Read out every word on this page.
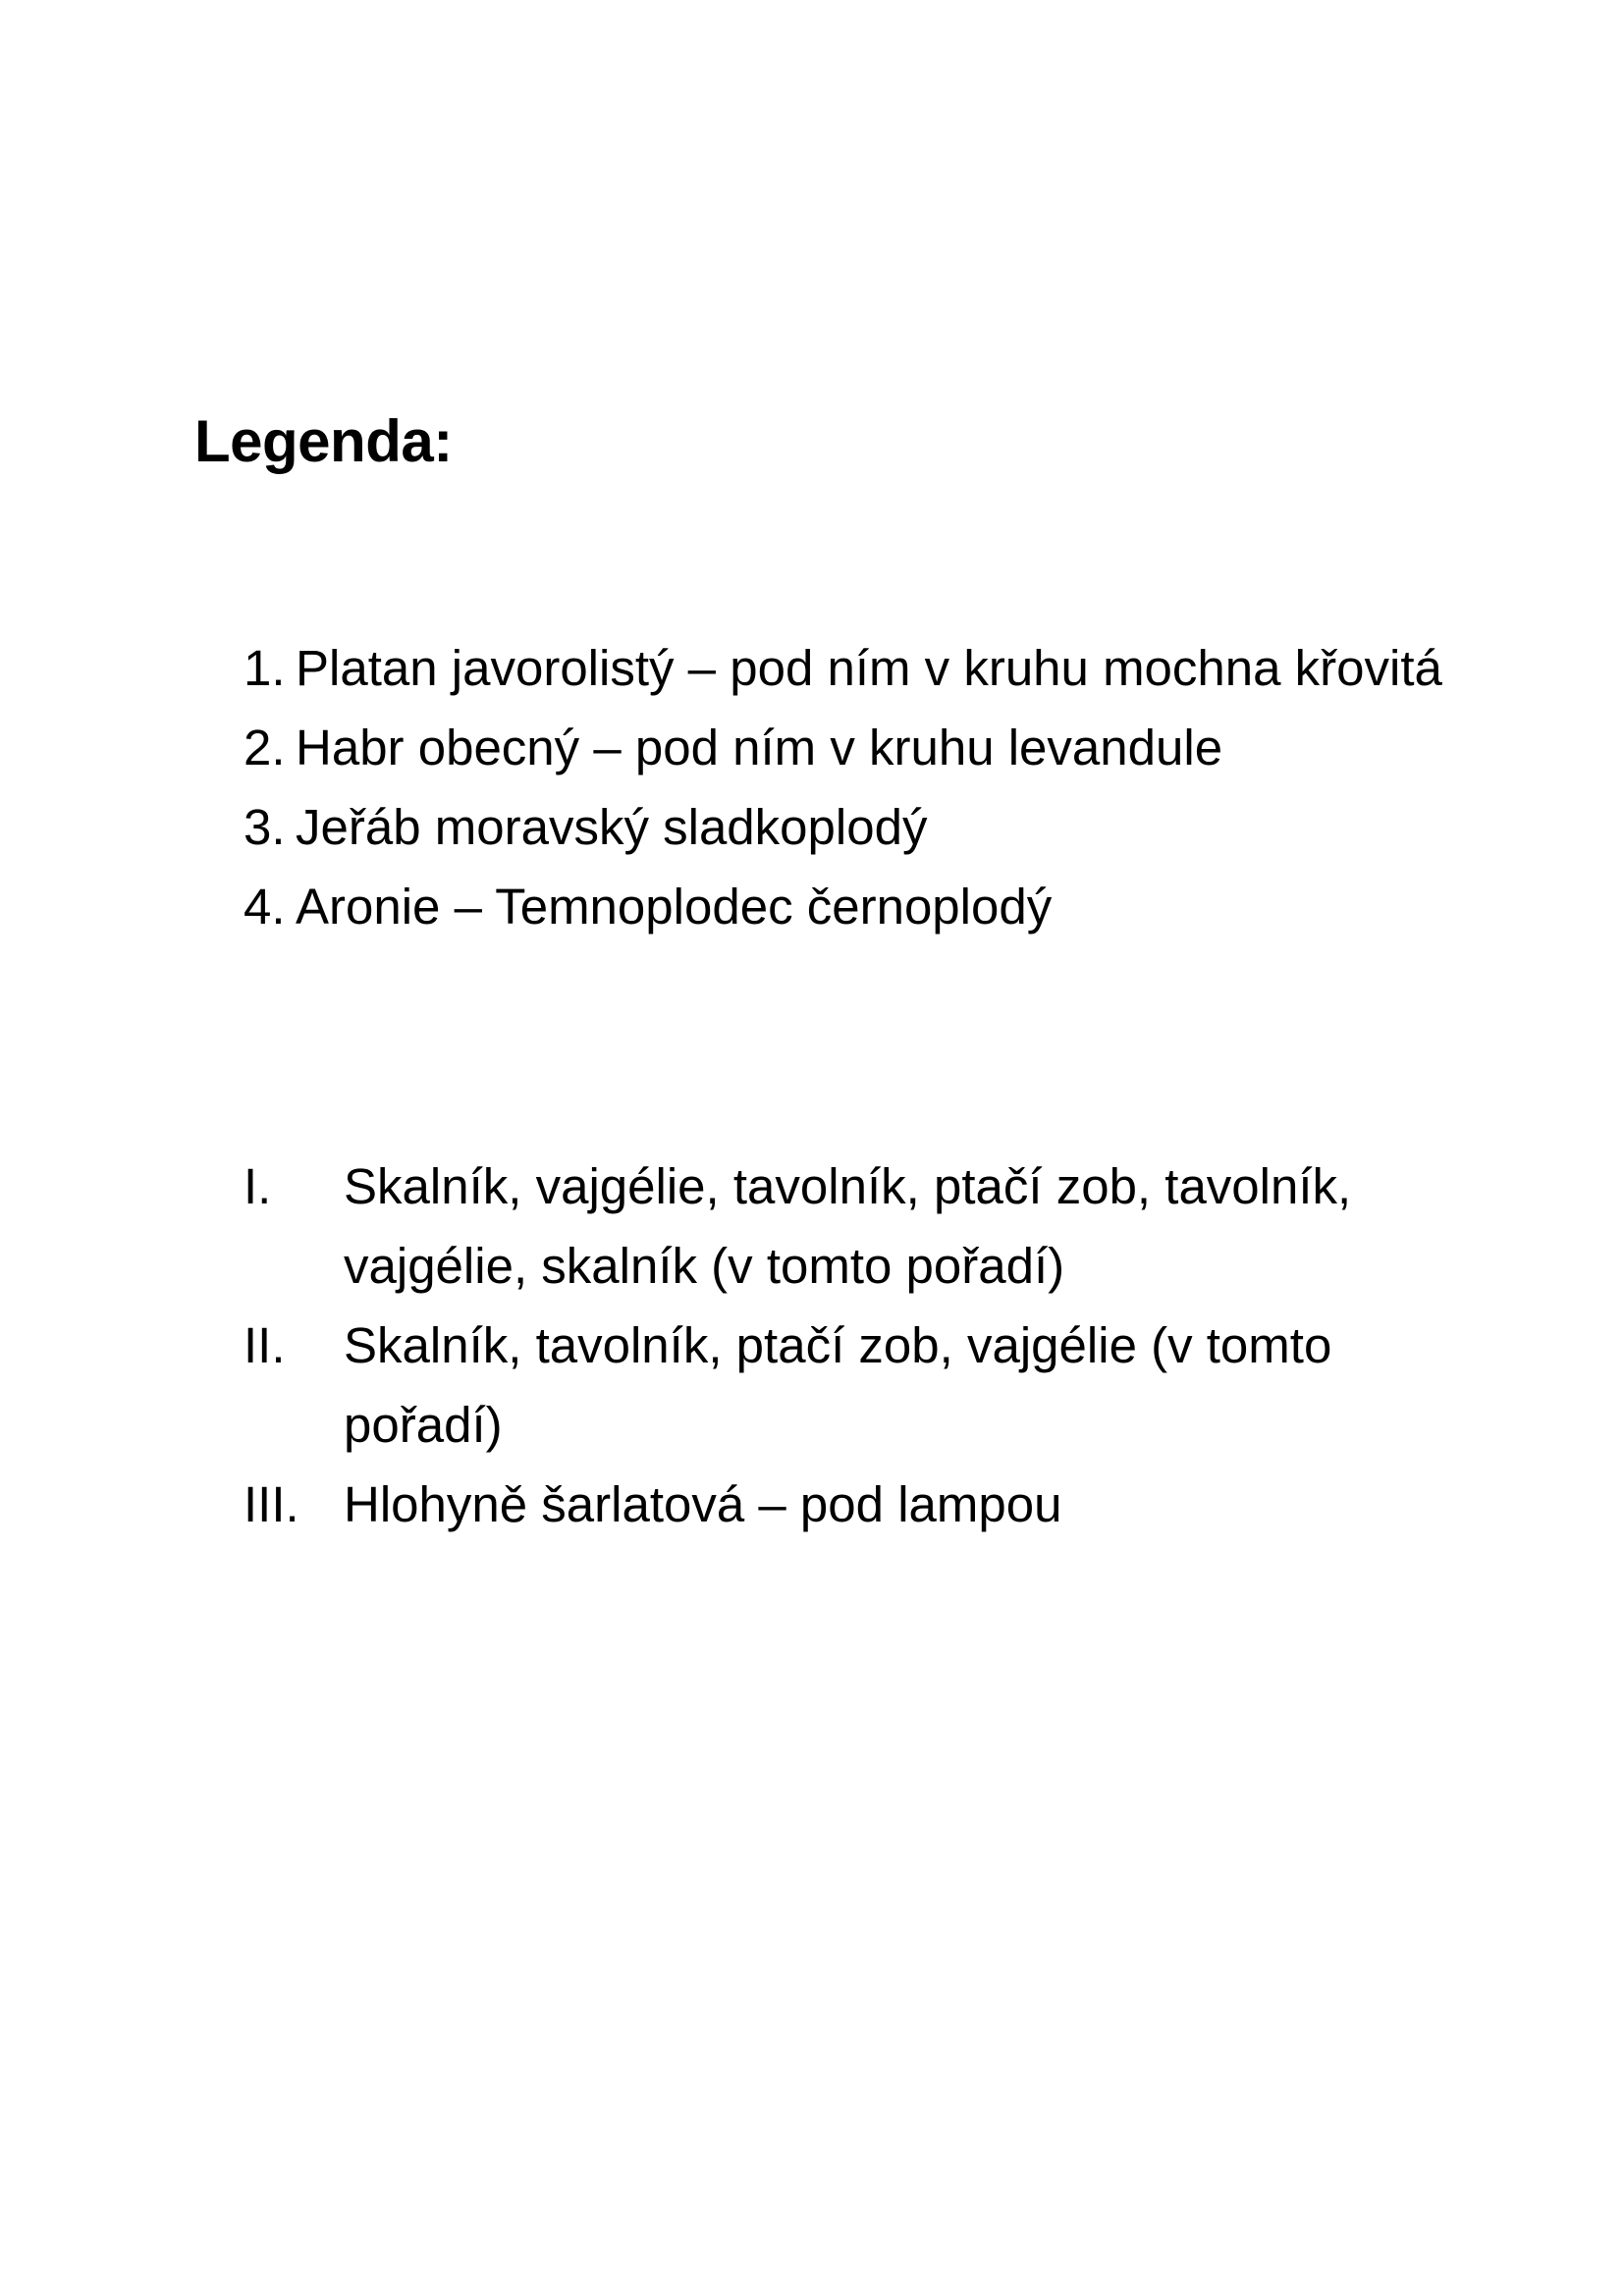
Legenda:
1. Platan javorolistý – pod ním v kruhu mochna křovitá
2. Habr obecný – pod ním v kruhu levandule
3. Jeřáb moravský sladkoplodý
4. Aronie – Temnoplodec černoplodý
I. Skalník, vajgélie, tavolník, ptačí zob, tavolník, vajgélie, skalník (v tomto pořadí)
II. Skalník, tavolník, ptačí zob, vajgélie (v tomto pořadí)
III. Hlohyně šarlatová – pod lampou
